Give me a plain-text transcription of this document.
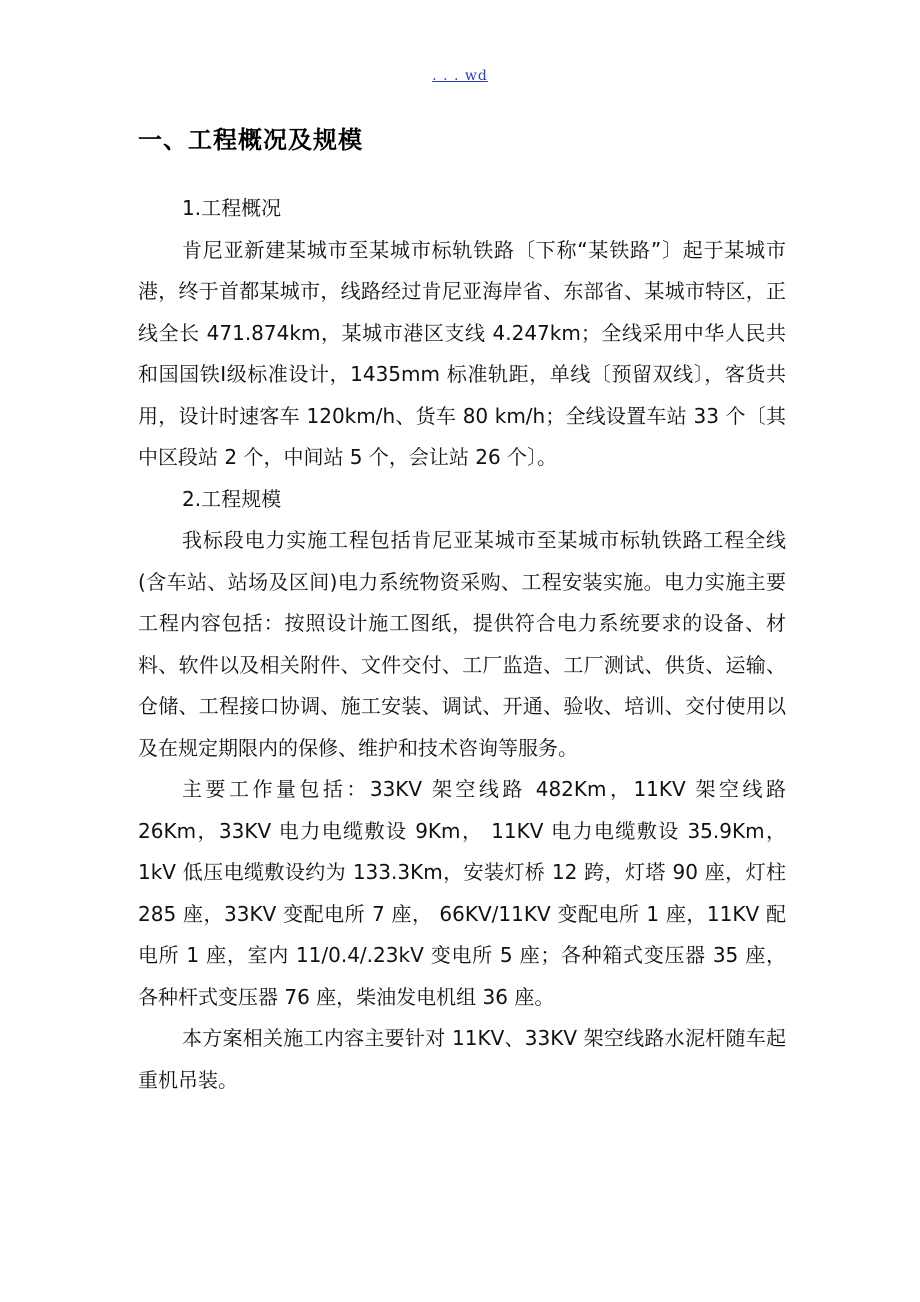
. . . wd
一、工程概况及规模

1.工程概况

肯尼亚新建某城市至某城市标轨铁路〔下称“某铁路”〕起于某城市港，终于首都某城市，线路经过肯尼亚海岸省、东部省、某城市特区，正线全长 471.874km，某城市港区支线 4.247km；全线采用中华人民共和国国铁Ⅰ级标准设计，1435mm 标准轨距，单线〔预留双线〕，客货共用，设计时速客车 120km/h、货车 80 km/h；全线设置车站 33 个〔其中区段站 2 个，中间站 5 个，会让站 26 个〕。

2.工程规模

我标段电力实施工程包括肯尼亚某城市至某城市标轨铁路工程全线(含车站、站场及区间)电力系统物资采购、工程安装实施。电力实施主要工程内容包括：按照设计施工图纸，提供符合电力系统要求的设备、材料、软件以及相关附件、文件交付、工厂监造、工厂测试、供货、运输、仓储、工程接口协调、施工安装、调试、开通、验收、培训、交付使用以及在规定期限内的保修、维护和技术咨询等服务。

主要工作量包括：33KV 架空线路 482Km，11KV 架空线路 26Km，33KV 电力电缆敷设 9Km， 11KV 电力电缆敷设 35.9Km，1kV 低压电缆敷设约为 133.3Km，安装灯桥 12 跨，灯塔 90 座，灯柱 285 座，33KV 变配电所 7 座， 66KV/11KV 变配电所 1 座，11KV 配电所 1 座，室内 11/0.4/.23kV 变电所 5 座；各种箱式变压器 35 座，各种杆式变压器 76 座，柴油发电机组 36 座。

本方案相关施工内容主要针对 11KV、33KV 架空线路水泥杆随车起重机吊装。
